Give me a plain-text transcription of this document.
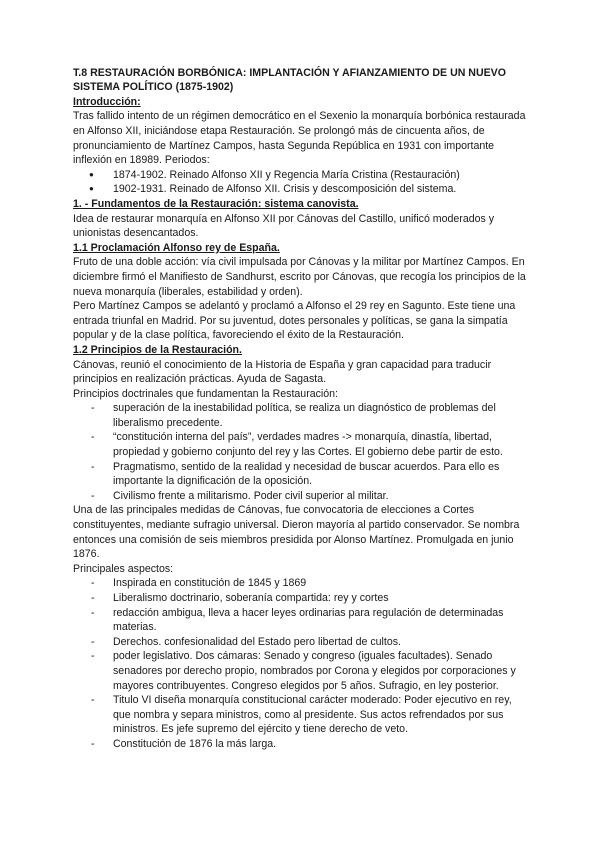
T.8 RESTAURACIÓN BORBÓNICA: IMPLANTACIÓN Y AFIANZAMIENTO DE UN NUEVO SISTEMA POLÍTICO (1875-1902)

Introducción:

Tras fallido intento de un régimen democrático en el Sexenio la monarquía borbónica restaurada en Alfonso XII, iniciándose etapa Restauración. Se prolongó más de cincuenta años, de pronunciamiento de Martínez Campos, hasta Segunda República en 1931 con importante inflexión en 18989. Periodos:

● 1874-1902. Reinado Alfonso XII y Regencia María Cristina (Restauración)
● 1902-1931. Reinado de Alfonso XII. Crisis y descomposición del sistema.

1. - Fundamentos de la Restauración: sistema canovista.

Idea de restaurar monarquía en Alfonso XII por Cánovas del Castillo, unificó moderados y unionistas desencantados.

1.1 Proclamación Alfonso rey de España.

Fruto de una doble acción: vía civil impulsada por Cánovas y la militar por Martínez Campos. En diciembre firmó el Manifiesto de Sandhurst, escrito por Cánovas, que recogía los principios de la nueva monarquía (liberales, estabilidad y orden).

Pero Martínez Campos se adelantó y proclamó a Alfonso el 29 rey en Sagunto. Este tiene una entrada triunfal en Madrid. Por su juventud, dotes personales y políticas, se gana la simpatía popular y de la clase política, favoreciendo el éxito de la Restauración.

1.2 Principios de la Restauración.

Cánovas, reunió el conocimiento de la Historia de España y gran capacidad para traducir principios en realización prácticas. Ayuda de Sagasta.

Principios doctrinales que fundamentan la Restauración:

- superación de la inestabilidad política, se realiza un diagnóstico de problemas del liberalismo precedente.
- “constitución interna del país”, verdades madres -> monarquía, dinastía, libertad, propiedad y gobierno conjunto del rey y las Cortes. El gobierno debe partir de esto.
- Pragmatismo, sentido de la realidad y necesidad de buscar acuerdos. Para ello es importante la dignificación de la oposición.
- Civilismo frente a militarismo. Poder civil superior al militar.

Una de las principales medidas de Cánovas, fue convocatoria de elecciones a Cortes constituyentes, mediante sufragio universal. Dieron mayoría al partido conservador. Se nombra entonces una comisión de seis miembros presidida por Alonso Martínez. Promulgada en junio 1876.

Principales aspectos:

- Inspirada en constitución de 1845 y 1869
- Liberalismo doctrinario, soberanía compartida: rey y cortes
- redacción ambigua, lleva a hacer leyes ordinarias para regulación de determinadas materias.
- Derechos. confesionalidad del Estado pero libertad de cultos.
- poder legislativo. Dos cámaras: Senado y congreso (iguales facultades). Senado senadores por derecho propio, nombrados por Corona y elegidos por corporaciones y mayores contribuyentes. Congreso elegidos por 5 años. Sufragio, en ley posterior.
- Titulo VI diseña monarquía constitucional carácter moderado: Poder ejecutivo en rey, que nombra y separa ministros, como al presidente. Sus actos refrendados por sus ministros. Es jefe supremo del ejército y tiene derecho de veto.
- Constitución de 1876 la más larga.
